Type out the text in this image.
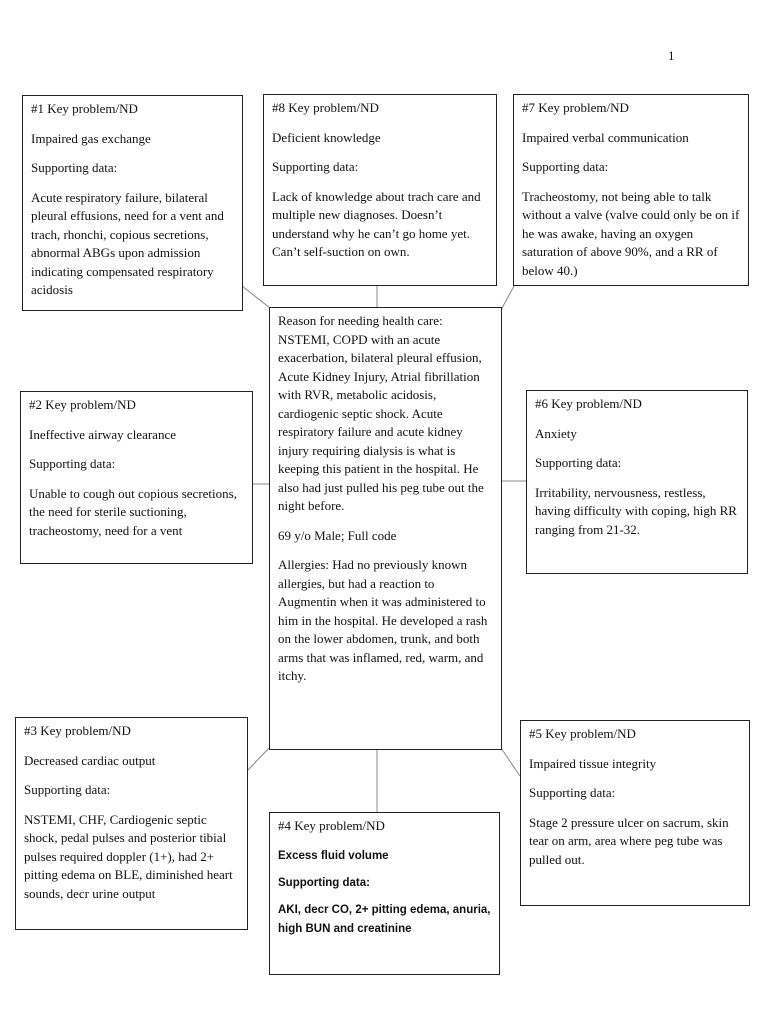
1

#1 Key problem/ND

Impaired gas exchange

Supporting data:

Acute respiratory failure, bilateral pleural effusions, need for a vent and trach, rhonchi, copious secretions, abnormal ABGs upon admission indicating compensated respiratory acidosis

#8 Key problem/ND

Deficient knowledge

Supporting data:

Lack of knowledge about trach care and multiple new diagnoses. Doesn’t understand why he can’t go home yet. Can’t self-suction on own.

#7 Key problem/ND

Impaired verbal communication

Supporting data:

Tracheostomy, not being able to talk without a valve (valve could only be on if he was awake, having an oxygen saturation of above 90%, and a RR of below 40.)

Reason for needing health care: NSTEMI, COPD with an acute exacerbation, bilateral pleural effusion, Acute Kidney Injury, Atrial fibrillation with RVR, metabolic acidosis, cardiogenic septic shock. Acute respiratory failure and acute kidney injury requiring dialysis is what is keeping this patient in the hospital. He also had just pulled his peg tube out the night before.

69 y/o Male; Full code

Allergies: Had no previously known allergies, but had a reaction to Augmentin when it was administered to him in the hospital. He developed a rash on the lower abdomen, trunk, and both arms that was inflamed, red, warm, and itchy.

#2 Key problem/ND

Ineffective airway clearance

Supporting data:

Unable to cough out copious secretions, the need for sterile suctioning, tracheostomy, need for a vent

#6 Key problem/ND

Anxiety

Supporting data:

Irritability, nervousness, restless, having difficulty with coping, high RR ranging from 21-32.

#3 Key problem/ND

Decreased cardiac output

Supporting data:

NSTEMI, CHF, Cardiogenic septic shock, pedal pulses and posterior tibial pulses required doppler (1+), had 2+ pitting edema on BLE, diminished heart sounds, decr urine output

#5 Key problem/ND

Impaired tissue integrity

Supporting data:

Stage 2 pressure ulcer on sacrum, skin tear on arm, area where peg tube was pulled out.

#4 Key problem/ND

Excess fluid volume

Supporting data:

AKI, decr CO, 2+ pitting edema, anuria, high BUN and creatinine
